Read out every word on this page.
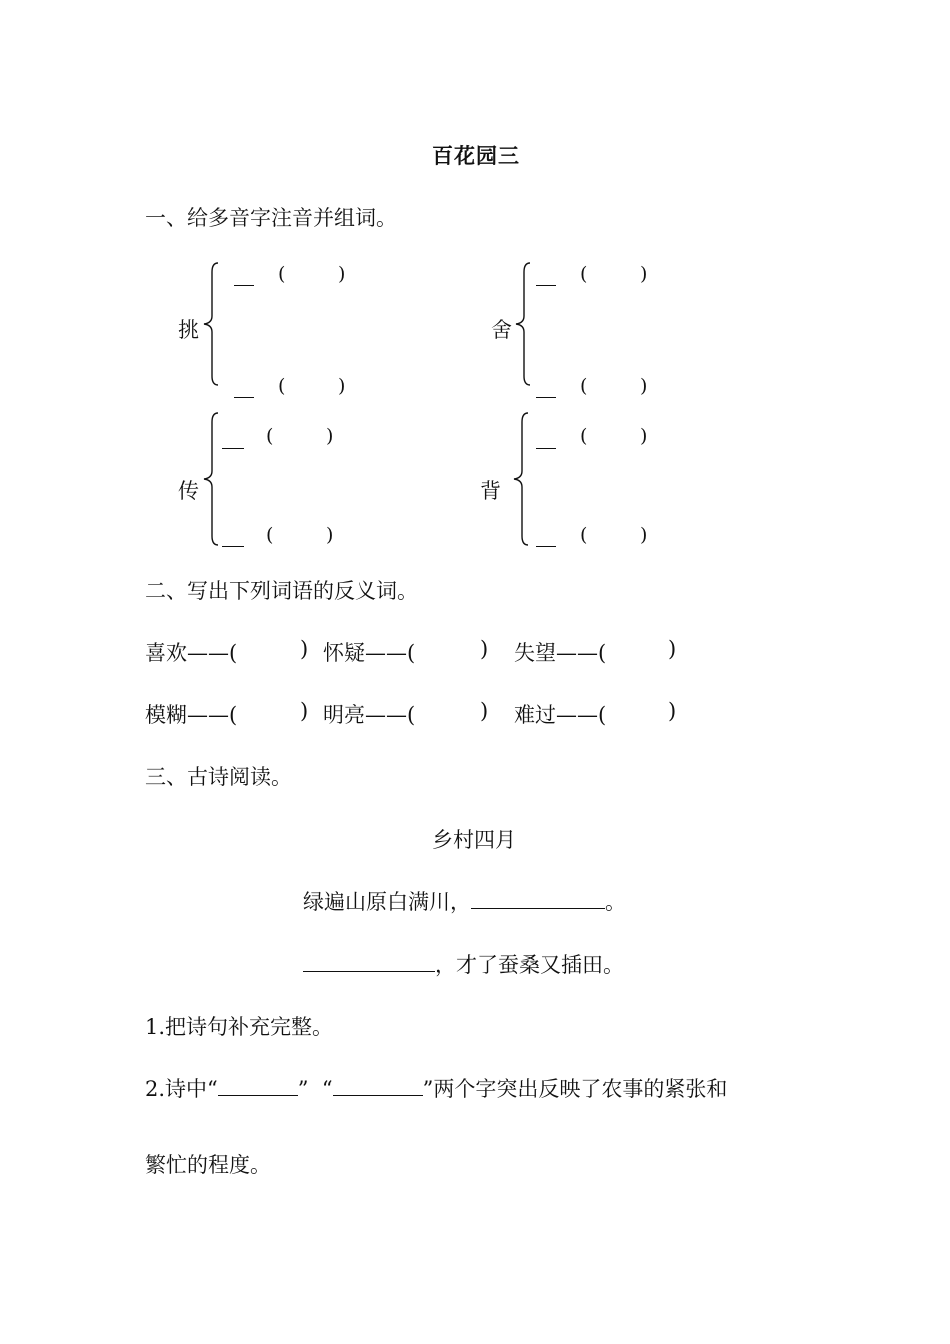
百花园三
一、给多音字注音并组词。
挑
(	)
(	)
舍
(	)
(	)
传
(	)
(	)
背
(	)
(	)
二、写出下列词语的反义词。
喜欢——(	) 怀疑——(	) 失望——(	)
模糊——(	) 明亮——(	) 难过——(	)
三、古诗阅读。
乡村四月
绿遍山原白满川，	。
，才了蚕桑又插田。
1.把诗句补充完整。
2.诗中“	”  “	”两个字突出反映了农事的紧张和
繁忙的程度。
